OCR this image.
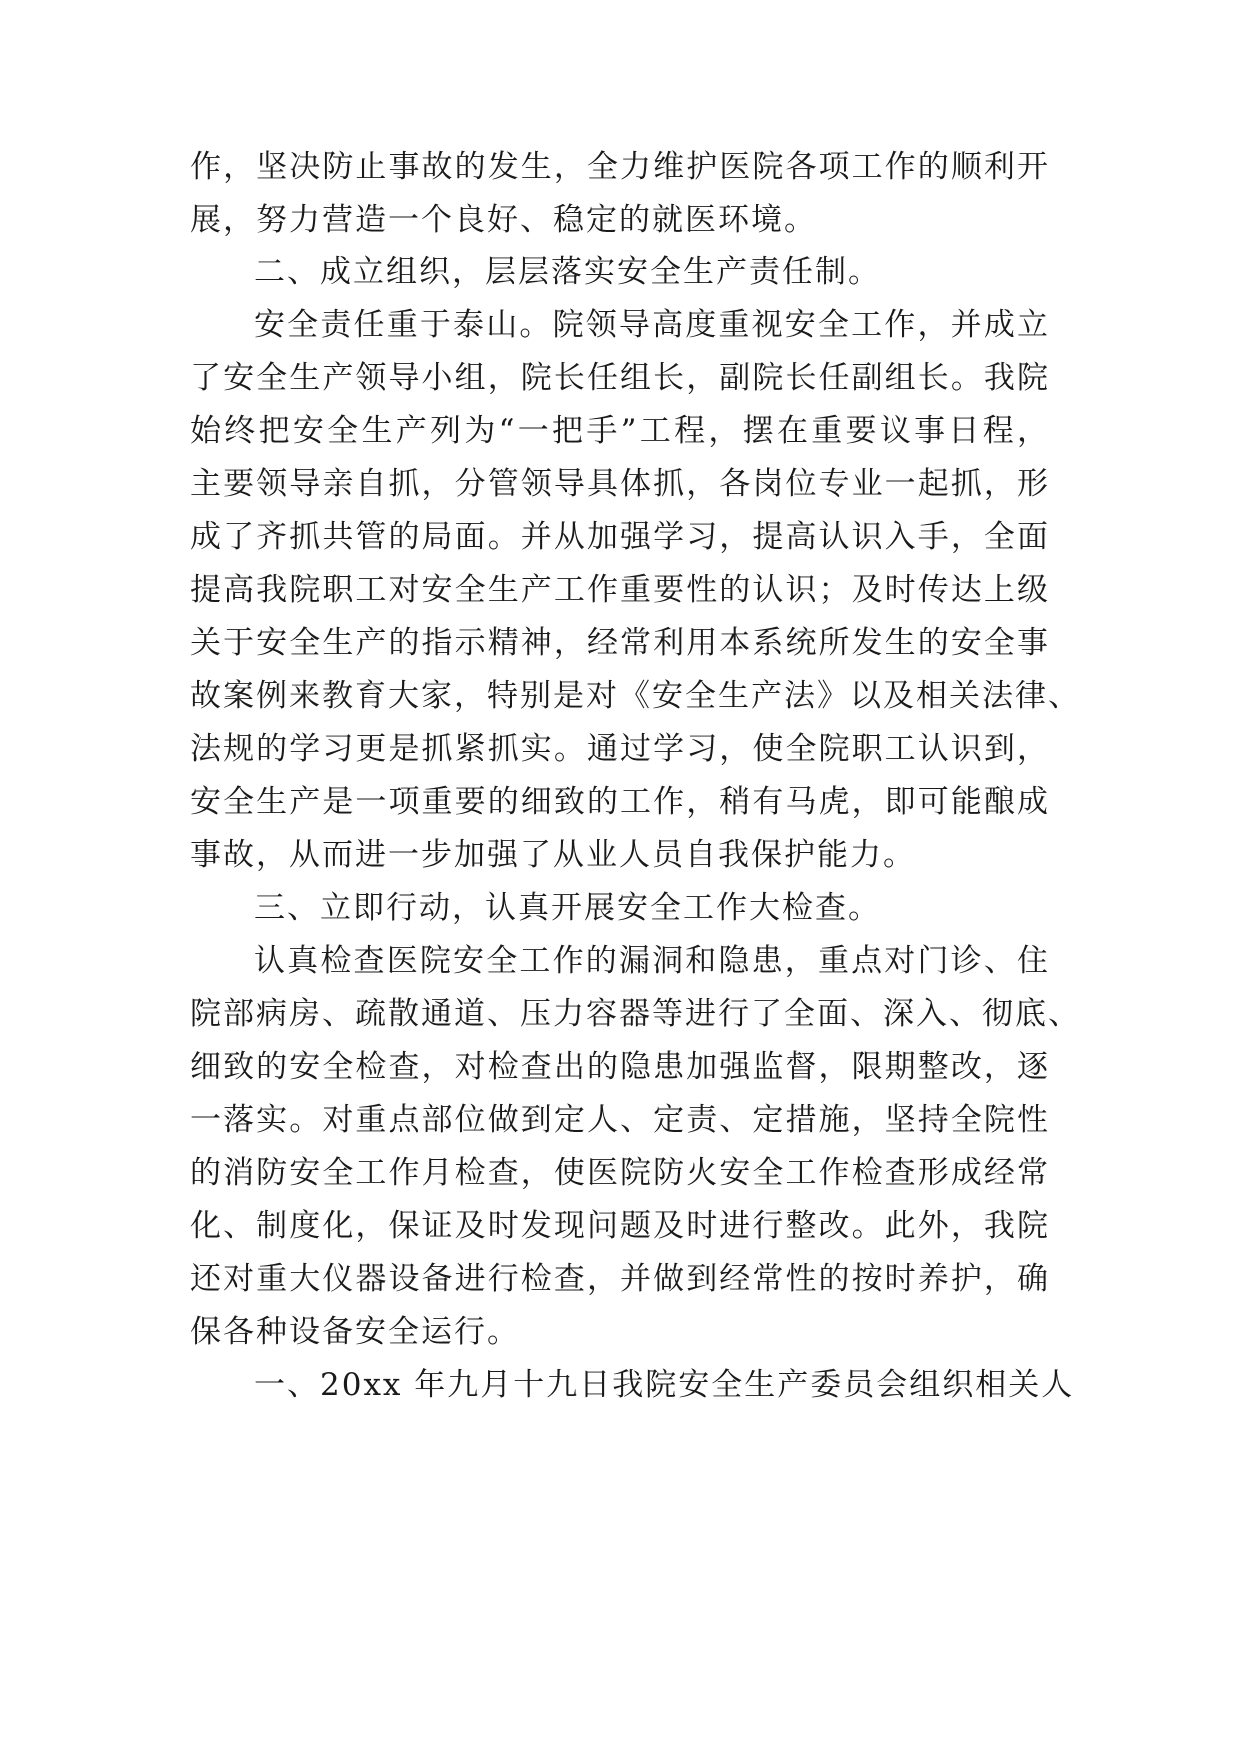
作，坚决防止事故的发生，全力维护医院各项工作的顺利开
展，努力营造一个良好、稳定的就医环境。
二、成立组织，层层落实安全生产责任制。
安全责任重于泰山。院领导高度重视安全工作，并成立
了安全生产领导小组，院长任组长，副院长任副组长。我院
始终把安全生产列为“一把手”工程，摆在重要议事日程，
主要领导亲自抓，分管领导具体抓，各岗位专业一起抓，形
成了齐抓共管的局面。并从加强学习，提高认识入手，全面
提高我院职工对安全生产工作重要性的认识；及时传达上级
关于安全生产的指示精神，经常利用本系统所发生的安全事
故案例来教育大家，特别是对《安全生产法》以及相关法律、
法规的学习更是抓紧抓实。通过学习，使全院职工认识到，
安全生产是一项重要的细致的工作，稍有马虎，即可能酿成
事故，从而进一步加强了从业人员自我保护能力。
三、立即行动，认真开展安全工作大检查。
认真检查医院安全工作的漏洞和隐患，重点对门诊、住
院部病房、疏散通道、压力容器等进行了全面、深入、彻底、
细致的安全检查，对检查出的隐患加强监督，限期整改，逐
一落实。对重点部位做到定人、定责、定措施，坚持全院性
的消防安全工作月检查，使医院防火安全工作检查形成经常
化、制度化，保证及时发现问题及时进行整改。此外，我院
还对重大仪器设备进行检查，并做到经常性的按时养护，确
保各种设备安全运行。
一、20xx 年九月十九日我院安全生产委员会组织相关人
